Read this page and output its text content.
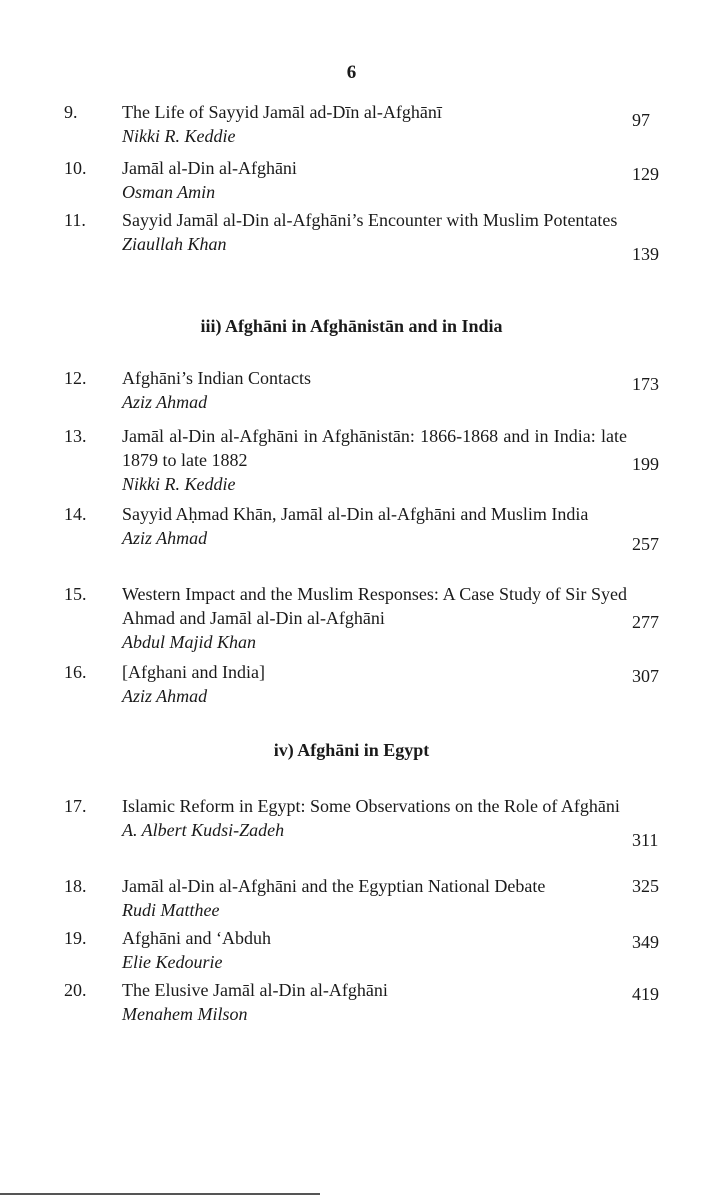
6
9.	The Life of Sayyid Jamāl ad-Dīn al-Afghānī
Nikki R. Keddie
97
10.	Jamāl al-Din al-Afghāni
Osman Amin
129
11.	Sayyid Jamāl al-Din al-Afghāni’s Encounter with Muslim Potentates
Ziaullah Khan	139
iii) Afghāni in Afghānistān and in India
12.	Afghāni’s Indian Contacts
Aziz Ahmad
173
13.	Jamāl al-Din al-Afghāni in Afghānistān: 1866-1868 and in India: late 1879 to late 1882
Nikki R. Keddie
199
14.	Sayyid Aḥmad Khān, Jamāl al-Din al-Afghāni and Muslim India
Aziz Ahmad	257
15.	Western Impact and the Muslim Responses: A Case Study of Sir Syed Ahmad and Jamāl al-Din al-Afghāni
Abdul Majid Khan
277
16.	[Afghani and India]
Aziz Ahmad
307
iv) Afghāni in Egypt
17.	Islamic Reform in Egypt: Some Observations on the Role of Afghāni
A. Albert Kudsi-Zadeh	311
18.	Jamāl al-Din al-Afghāni and the Egyptian National Debate
Rudi Matthee
325
19.	Afghāni and ‘Abduh
Elie Kedourie
349
20.	The Elusive Jamāl al-Din al-Afghāni
Menahem Milson
419
